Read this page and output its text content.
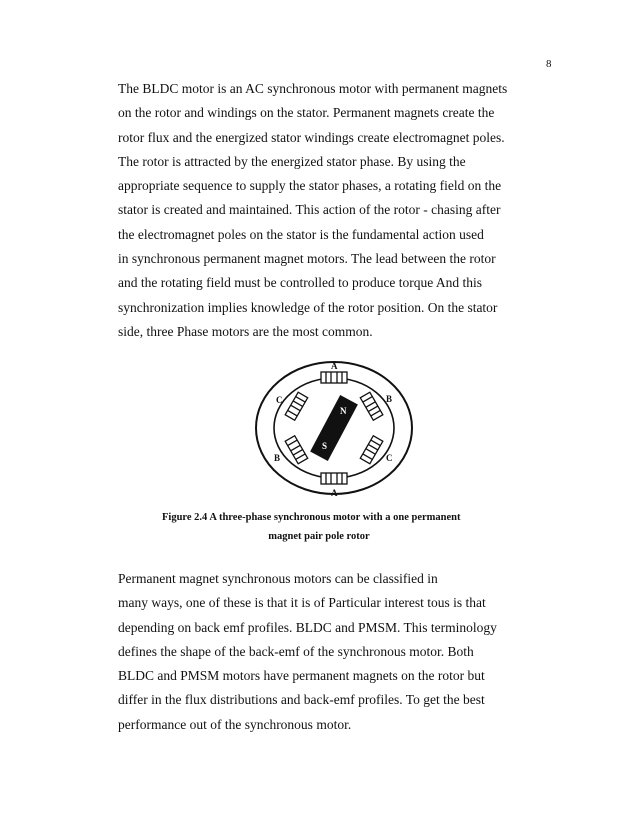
8
The BLDC motor is an AC synchronous motor with permanent magnets
on the rotor and windings on the stator. Permanent magnets create the
rotor flux and the energized stator windings create electromagnet poles.
The rotor is attracted by the energized stator phase. By using the
appropriate sequence to supply the stator phases, a rotating field on the
stator is created and maintained. This action of the rotor - chasing after
the electromagnet poles on the stator is the fundamental action used
in synchronous permanent magnet motors. The lead between the rotor
and the rotating field must be controlled to produce torque And this
synchronization implies knowledge of the rotor position. On the stator
side, three Phase motors are the most common.
A
B
C
A
B
C
N
S
Figure 2.4 A three-phase synchronous motor with a one permanent
magnet pair pole rotor
Permanent magnet synchronous motors can be classified in
many ways, one of these is that it is of Particular interest tous is that
depending on back emf profiles. BLDC and PMSM. This terminology
defines the shape of the back-emf of the synchronous motor. Both
BLDC and PMSM motors have permanent magnets on the rotor but
differ in the flux distributions and back-emf profiles. To get the best
performance out of the synchronous motor.
